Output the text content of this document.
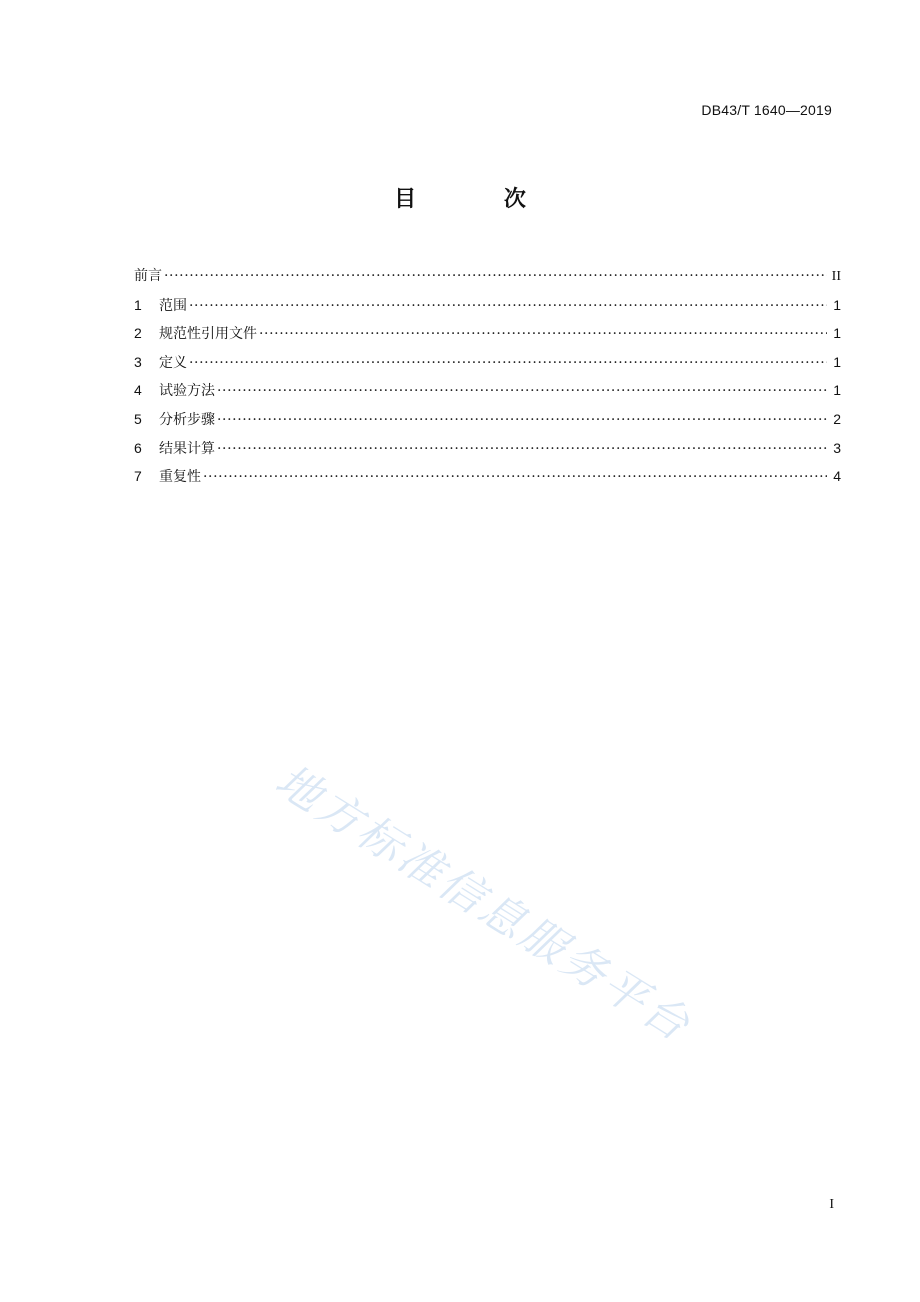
DB43/T 1640—2019
目 次
前言 ·····	II
1	范围 ·····	1
2	规范性引用文件 ·····	1
3	定义 ·····	1
4	试验方法 ·····	1
5	分析步骤 ·····	2
6	结果计算 ·····	3
7	重复性 ·····	4
地方标准信息服务平台
I
